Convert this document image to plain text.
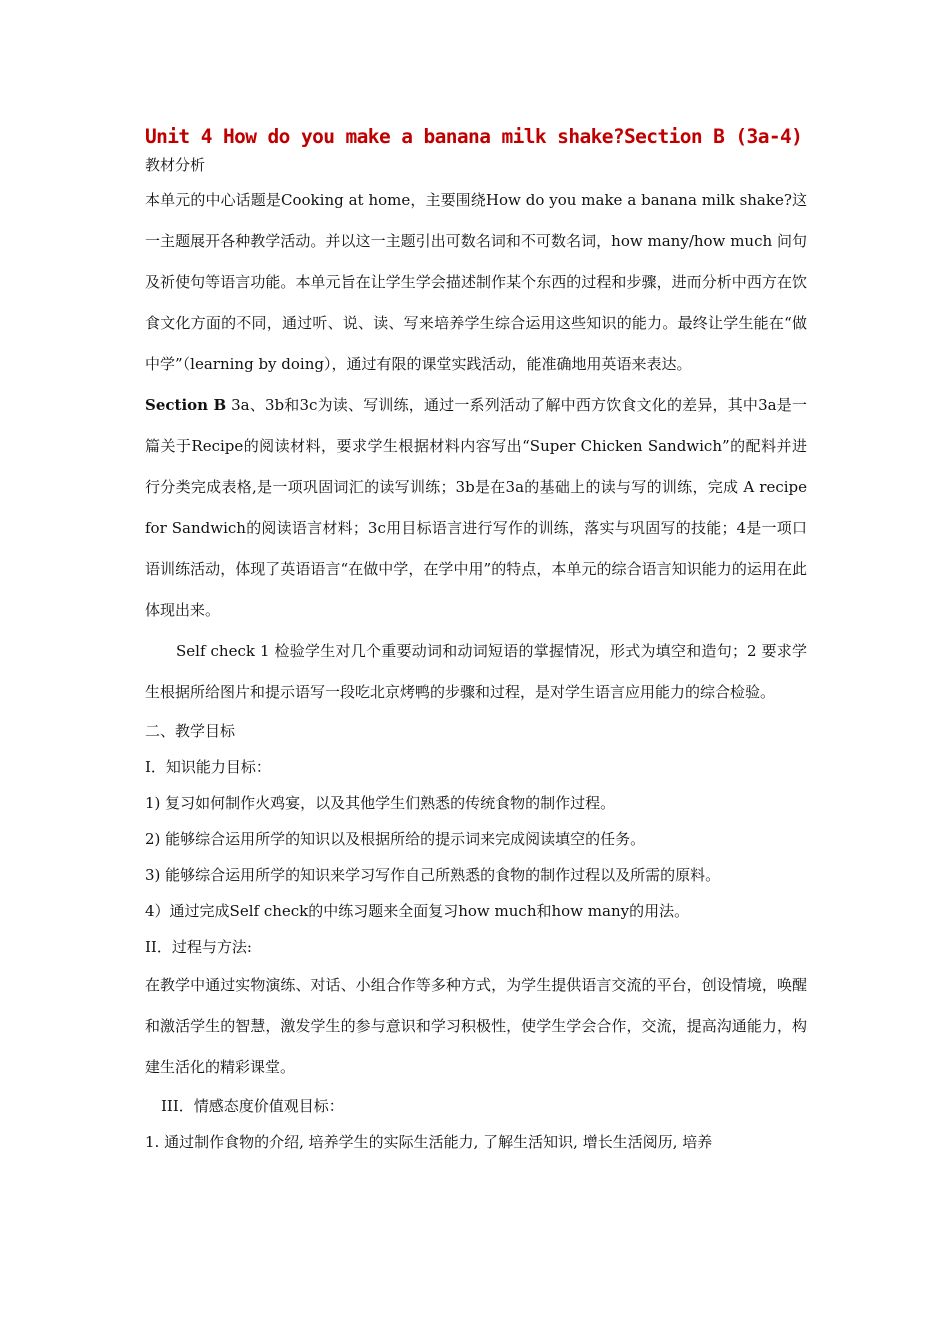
Unit 4 How do you make a banana milk shake?Section B (3a-4)

教材分析

本单元的中心话题是Cooking at home，主要围绕How do you make a banana milk shake?这一主题展开各种教学活动。并以这一主题引出可数名词和不可数名词，how many/how much 问句及祈使句等语言功能。本单元旨在让学生学会描述制作某个东西的过程和步骤，进而分析中西方在饮食文化方面的不同，通过听、说、读、写来培养学生综合运用这些知识的能力。最终让学生能在“做中学”（learning by doing），通过有限的课堂实践活动，能准确地用英语来表达。

Section B 3a、3b和3c为读、写训练，通过一系列活动了解中西方饮食文化的差异，其中3a是一篇关于Recipe的阅读材料，要求学生根据材料内容写出“Super Chicken Sandwich”的配料并进行分类完成表格,是一项巩固词汇的读写训练；3b是在3a的基础上的读与写的训练，完成 A recipe for Sandwich的阅读语言材料；3c用目标语言进行写作的训练，落实与巩固写的技能；4是一项口语训练活动，体现了英语语言“在做中学，在学中用”的特点，本单元的综合语言知识能力的运用在此体现出来。

Self check 1 检验学生对几个重要动词和动词短语的掌握情况，形式为填空和造句；2 要求学生根据所给图片和提示语写一段吃北京烤鸭的步骤和过程，是对学生语言应用能力的综合检验。

二、教学目标

I．知识能力目标：

1) 复习如何制作火鸡宴，以及其他学生们熟悉的传统食物的制作过程。

2) 能够综合运用所学的知识以及根据所给的提示词来完成阅读填空的任务。

3) 能够综合运用所学的知识来学习写作自己所熟悉的食物的制作过程以及所需的原料。

4）通过完成Self check的中练习题来全面复习how much和how many的用法。

II．过程与方法:

在教学中通过实物演练、对话、小组合作等多种方式，为学生提供语言交流的平台，创设情境，唤醒和激活学生的智慧，激发学生的参与意识和学习积极性，使学生学会合作，交流，提高沟通能力，构建生活化的精彩课堂。

III．情感态度价值观目标：

1. 通过制作食物的介绍, 培养学生的实际生活能力, 了解生活知识, 增长生活阅历, 培养
